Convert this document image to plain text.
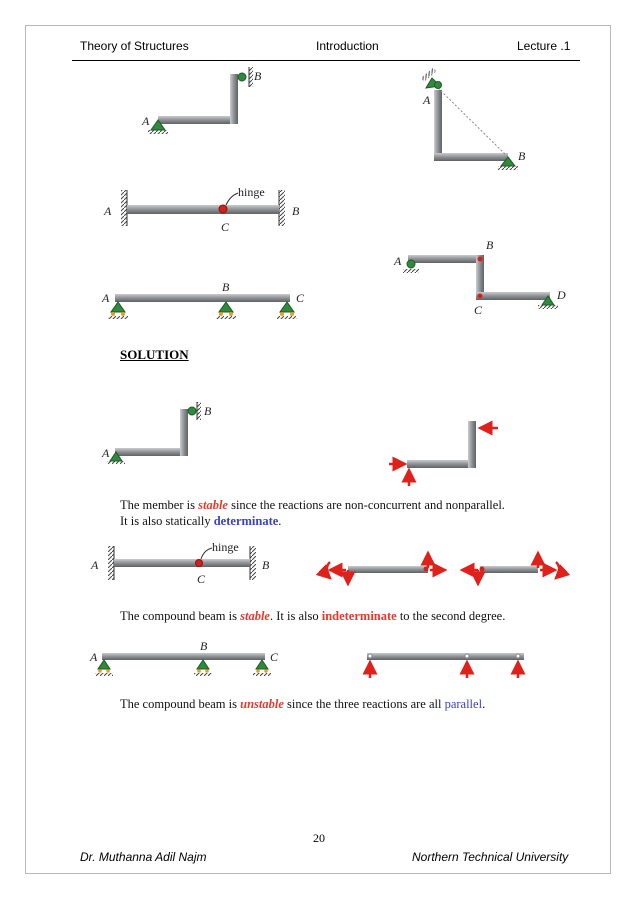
Theory of Structures	Introduction	Lecture .1
B
A
A
B
hinge
A	B
C
A
B
C
D
A
B
C
B
A
hinge
A	B
C
A
B
C
SOLUTION
The member is stable since the reactions are non-concurrent and nonparallel.
It is also statically determinate.
The compound beam is stable. It is also indeterminate to the second degree.
The compound beam is unstable since the three reactions are all parallel.
20
Dr. Muthanna Adil Najm	Northern Technical University
